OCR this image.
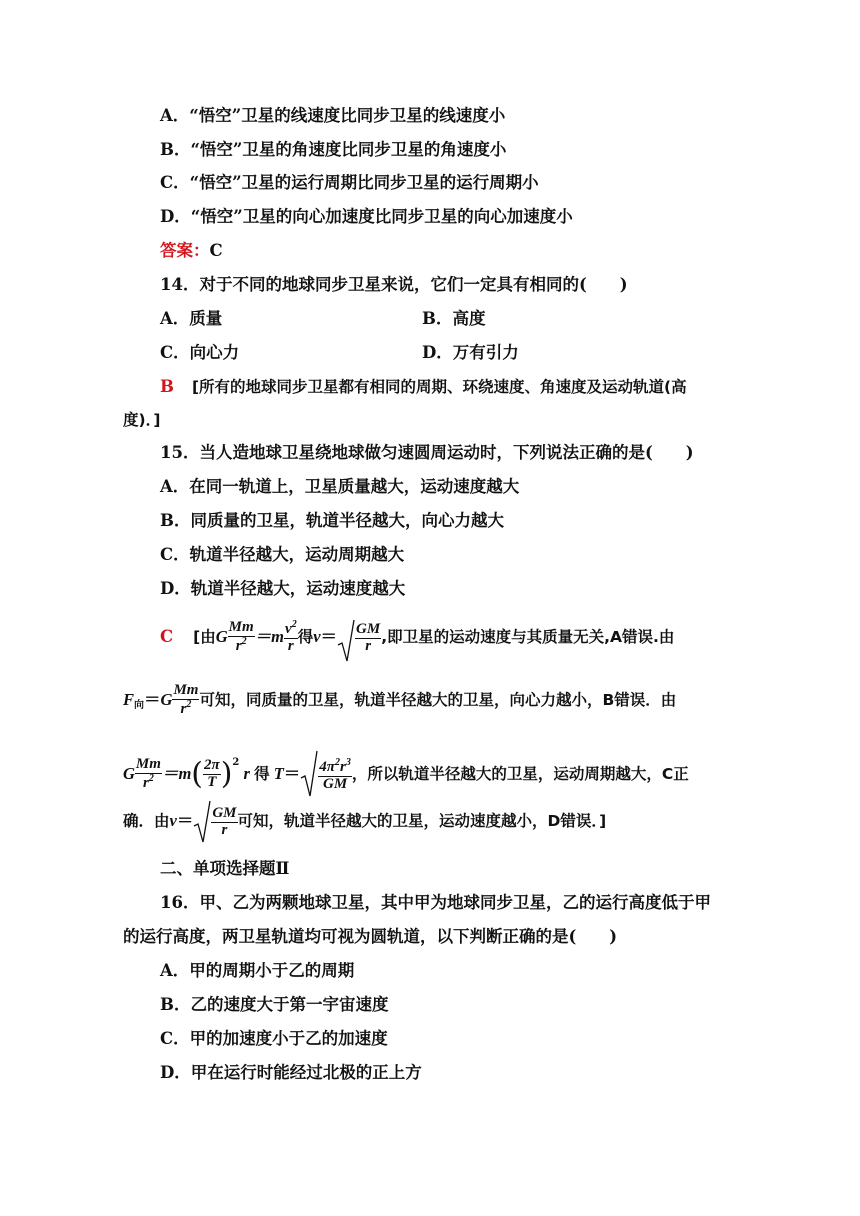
A．“悟空”卫星的线速度比同步卫星的线速度小
B．“悟空”卫星的角速度比同步卫星的角速度小
C．“悟空”卫星的运行周期比同步卫星的运行周期小
D．“悟空”卫星的向心加速度比同步卫星的向心加速度小
答案：C
14．对于不同的地球同步卫星来说，它们一定具有相同的(　　)
A．质量	B．高度
C．向心力	D．万有引力
B [所有的地球同步卫星都有相同的周期、环绕速度、角速度及运动轨道(高
度)．]
15．当人造地球卫星绕地球做匀速圆周运动时，下列说法正确的是(　　)
A．在同一轨道上，卫星质量越大，运动速度越大
B．同质量的卫星，轨道半径越大，向心力越大
C．轨道半径越大，运动周期越大
D．轨道半径越大，运动速度越大
C [由G $\frac{Mm}{r^2} =m \frac{v^2}{r}$ 得$v= \frac{GM}{r}$ ,即卫星的运动速度与其质量无关,A错误.由
$F_向=G \frac{Mm}{r^2}$ 可知，同质量的卫星，轨道半径越大的卫星，向心力越小，B错误．由
G $\frac{Mm}{r^2} =m( \frac{2\pi}{T} )^2$ r 得 $T= \frac{4\pi^2r^3}{GM}$ ，所以轨道半径越大的卫星，运动周期越大，C正
确．由$v= \frac{GM}{r}$ 可知，轨道半径越大的卫星，运动速度越小，D错误．]
二、单项选择题Ⅱ
16．甲、乙为两颗地球卫星，其中甲为地球同步卫星，乙的运行高度低于甲
的运行高度，两卫星轨道均可视为圆轨道，以下判断正确的是(　　)
A．甲的周期小于乙的周期
B．乙的速度大于第一宇宙速度
C．甲的加速度小于乙的加速度
D．甲在运行时能经过北极的正上方
